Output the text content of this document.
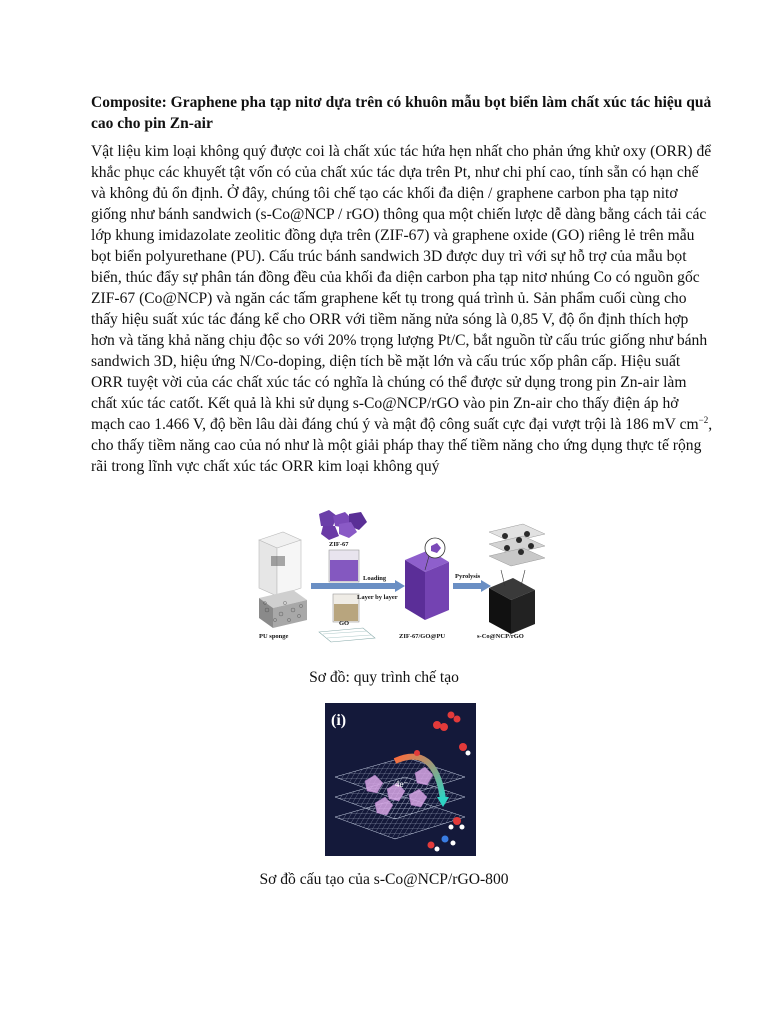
Composite: Graphene pha tạp nitơ dựa trên có khuôn mẫu bọt biển làm chất xúc tác hiệu quả cao cho pin Zn-air

Vật liệu kim loại không quý được coi là chất xúc tác hứa hẹn nhất cho phản ứng khử oxy (ORR) để khắc phục các khuyết tật vốn có của chất xúc tác dựa trên Pt, như chi phí cao, tính sẵn có hạn chế và không đủ ổn định. Ở đây, chúng tôi chế tạo các khối đa diện / graphene carbon pha tạp nitơ giống như bánh sandwich (s-Co@NCP / rGO) thông qua một chiến lược dễ dàng bằng cách tải các lớp khung imidazolate zeolitic đồng dựa trên (ZIF-67) và graphene oxide (GO) riêng lẻ trên mẫu bọt biển polyurethane (PU). Cấu trúc bánh sandwich 3D được duy trì với sự hỗ trợ của mẫu bọt biển, thúc đẩy sự phân tán đồng đều của khối đa diện carbon pha tạp nitơ nhúng Co có nguồn gốc ZIF-67 (Co@NCP) và ngăn các tấm graphene kết tụ trong quá trình ủ. Sản phẩm cuối cùng cho thấy hiệu suất xúc tác đáng kể cho ORR với tiềm năng nửa sóng là 0,85 V, độ ổn định thích hợp hơn và tăng khả năng chịu độc so với 20% trọng lượng Pt/C, bắt nguồn từ cấu trúc giống như bánh sandwich 3D, hiệu ứng N/Co-doping, diện tích bề mặt lớn và cấu trúc xốp phân cấp. Hiệu suất ORR tuyệt vời của các chất xúc tác có nghĩa là chúng có thể được sử dụng trong pin Zn-air làm chất xúc tác catốt. Kết quả là khi sử dụng s-Co@NCP/rGO vào pin Zn-air cho thấy điện áp hở mạch cao 1.466 V, độ bền lâu dài đáng chú ý và mật độ công suất cực đại vượt trội là 186 mV $cm^{-2}$, cho thấy tiềm năng cao của nó như là một giải pháp thay thế tiềm năng cho ứng dụng thực tế rộng rãi trong lĩnh vực chất xúc tác ORR kim loại không quý

PU sponge
ZIF-67
GO
Loading
Layer by layer
ZIF-67/GO@PU
Pyrolysis
s-Co@NCP/rGO
Sơ đồ: quy trình chế tạo
(i)
4e⁻
Sơ đồ cấu tạo của s-Co@NCP/rGO-800
